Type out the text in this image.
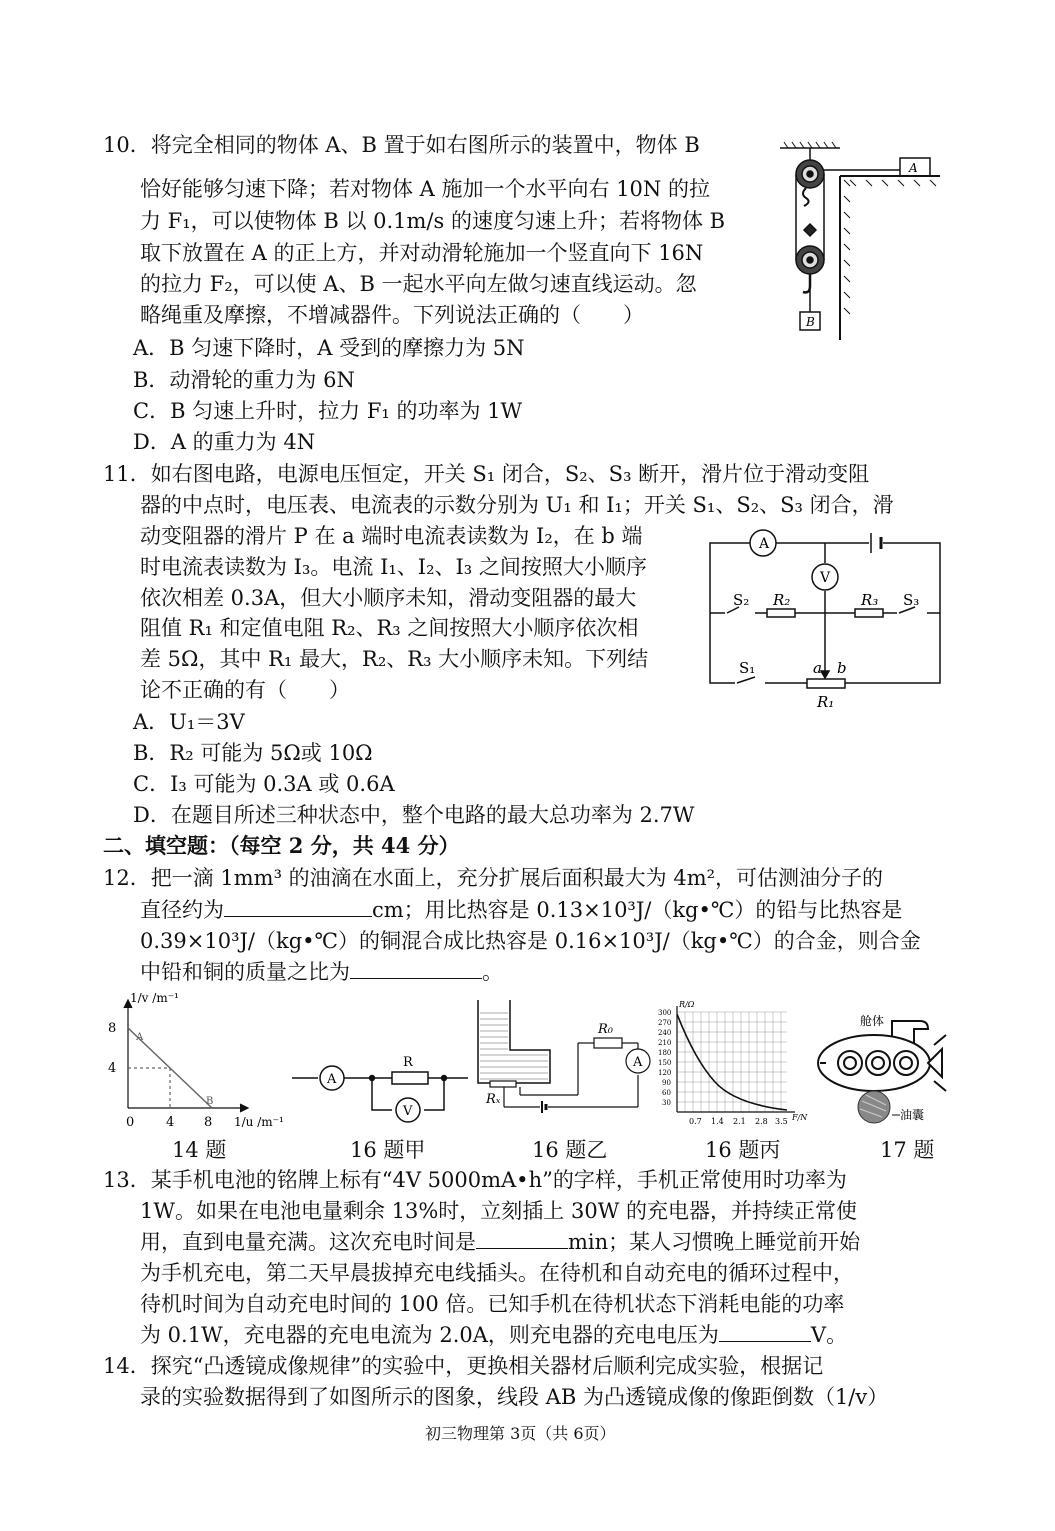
10．将完全相同的物体 A、B 置于如右图所示的装置中，物体 B
恰好能够匀速下降；若对物体 A 施加一个水平向右 10N 的拉
力 F₁，可以使物体 B 以 0.1m/s 的速度匀速上升；若将物体 B
取下放置在 A 的正上方，并对动滑轮施加一个竖直向下 16N
的拉力 F₂，可以使 A、B 一起水平向左做匀速直线运动。忽
略绳重及摩擦，不增减器件。下列说法正确的（　　）
A．B 匀速下降时，A 受到的摩擦力为 5N
B．动滑轮的重力为 6N
C．B 匀速上升时，拉力 F₁ 的功率为 1W
D．A 的重力为 4N
A
B
11．如右图电路，电源电压恒定，开关 S₁ 闭合，S₂、S₃ 断开，滑片位于滑动变阻
器的中点时，电压表、电流表的示数分别为 U₁ 和 I₁；开关 S₁、S₂、S₃ 闭合，滑
动变阻器的滑片 P 在 a 端时电流表读数为 I₂，在 b 端
时电流表读数为 I₃。电流 I₁、I₂、I₃ 之间按照大小顺序
依次相差 0.3A，但大小顺序未知，滑动变阻器的最大
阻值 R₁ 和定值电阻 R₂、R₃ 之间按照大小顺序依次相
差 5Ω，其中 R₁ 最大，R₂、R₃ 大小顺序未知。下列结
论不正确的有（　　）
A．U₁＝3V
B．R₂ 可能为 5Ω或 10Ω
C．I₃ 可能为 0.3A 或 0.6A
D．在题目所述三种状态中，整个电路的最大总功率为 2.7W
A
V
S₂ R₂	R₃ S₃
S₁	a b
R₁
二、填空题：（每空 2 分，共 44 分）
12．把一滴 1mm³ 的油滴在水面上，充分扩展后面积最大为 4m²，可估测油分子的
直径约为	cm；用比热容是 0.13×10³J/（kg•℃）的铅与比热容是
0.39×10³J/（kg•℃）的铜混合成比热容是 0.16×10³J/（kg•℃）的合金，则合金
中铅和铜的质量之比为	。
1/v /m⁻¹
8
4
0 4 8 1/u /m⁻¹
A
B
14 题
A
R
V
16 题甲
R₀
Rₓ
A
16 题乙
R/Ω
F/N
300
270
240
210
180
150
120
90
60
30
0.7 1.4 2.1 2.8 3.5
16 题丙
舱体
油囊
17 题
13．某手机电池的铭牌上标有“4V 5000mA•h”的字样，手机正常使用时功率为
1W。如果在电池电量剩余 13%时，立刻插上 30W 的充电器，并持续正常使
用，直到电量充满。这次充电时间是	min；某人习惯晚上睡觉前开始
为手机充电，第二天早晨拔掉充电线插头。在待机和自动充电的循环过程中，
待机时间为自动充电时间的 100 倍。已知手机在待机状态下消耗电能的功率
为 0.1W，充电器的充电电流为 2.0A，则充电器的充电电压为	V。
14．探究“凸透镜成像规律”的实验中，更换相关器材后顺利完成实验，根据记
录的实验数据得到了如图所示的图象，线段 AB 为凸透镜成像的像距倒数（1/v）
初三物理第 3页（共 6页）
